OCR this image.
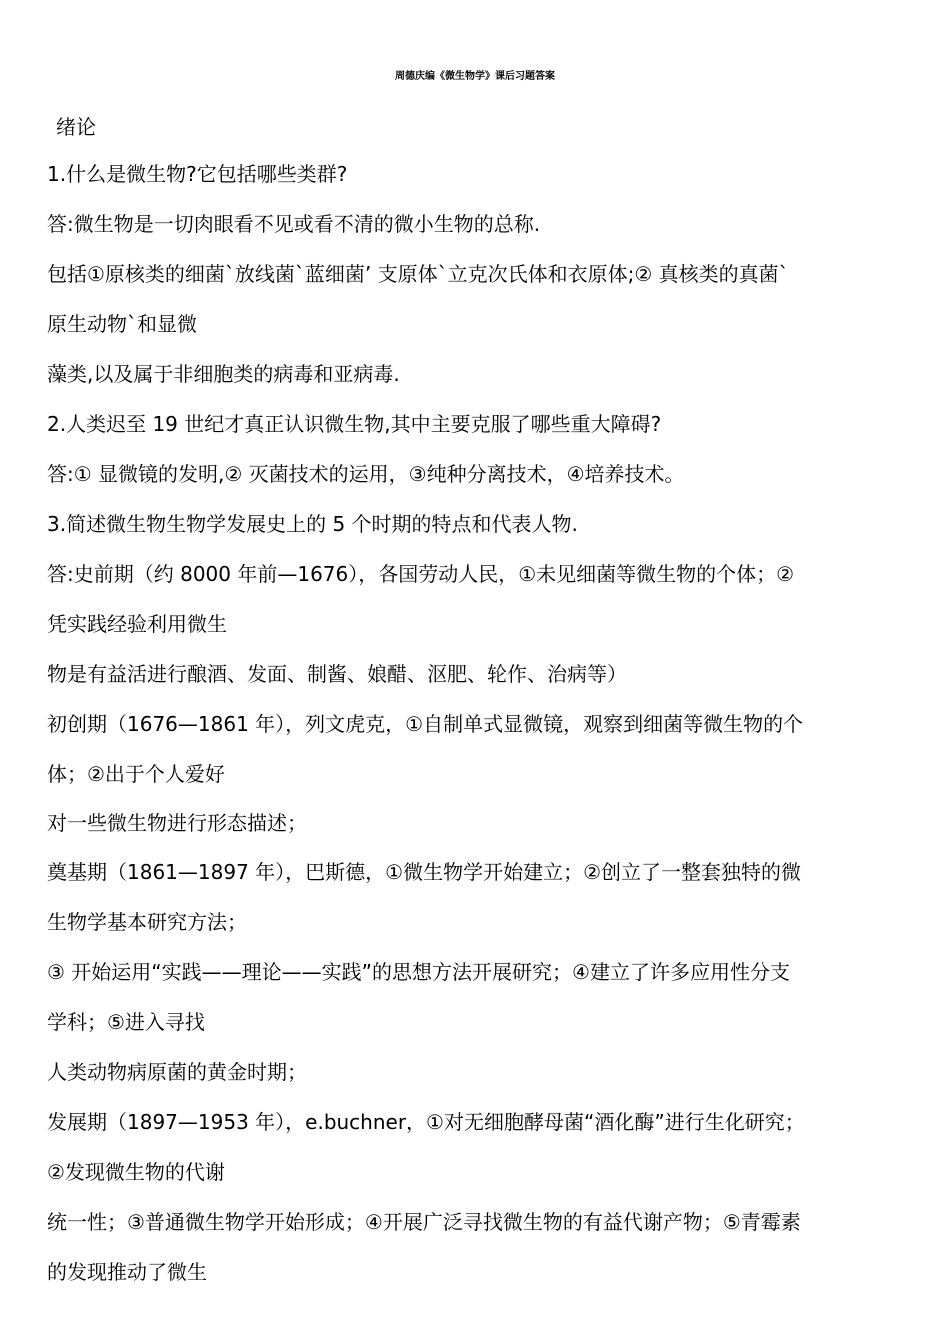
周德庆编《微生物学》课后习题答案
绪论
1.什么是微生物?它包括哪些类群?
答:微生物是一切肉眼看不见或看不清的微小生物的总称.
包括①原核类的细菌`放线菌`蓝细菌’ 支原体`立克次氏体和衣原体;② 真核类的真菌`
原生动物`和显微
藻类,以及属于非细胞类的病毒和亚病毒.
2.人类迟至 19 世纪才真正认识微生物,其中主要克服了哪些重大障碍?
答:① 显微镜的发明,② 灭菌技术的运用，③纯种分离技术，④培养技术。
3.简述微生物生物学发展史上的 5 个时期的特点和代表人物.
答:史前期（约 8000 年前—1676），各国劳动人民，①未见细菌等微生物的个体；②
凭实践经验利用微生
物是有益活进行酿酒、发面、制酱、娘醋、沤肥、轮作、治病等）
初创期（1676—1861 年），列文虎克，①自制单式显微镜，观察到细菌等微生物的个
体；②出于个人爱好
对一些微生物进行形态描述；
奠基期（1861—1897 年），巴斯德，①微生物学开始建立；②创立了一整套独特的微
生物学基本研究方法；
③ 开始运用“实践——理论——实践”的思想方法开展研究；④建立了许多应用性分支
学科；⑤进入寻找
人类动物病原菌的黄金时期；
发展期（1897—1953 年），e.buchner，①对无细胞酵母菌“酒化酶”进行生化研究；
②发现微生物的代谢
统一性；③普通微生物学开始形成；④开展广泛寻找微生物的有益代谢产物；⑤青霉素
的发现推动了微生
